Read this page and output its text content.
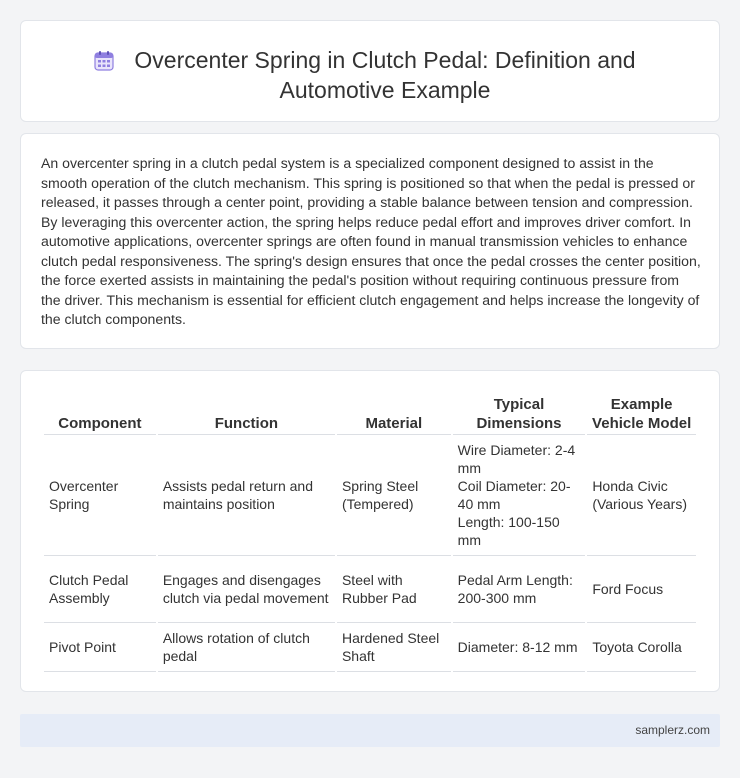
Overcenter Spring in Clutch Pedal: Definition and Automotive Example

An overcenter spring in a clutch pedal system is a specialized component designed to assist in the smooth operation of the clutch mechanism. This spring is positioned so that when the pedal is pressed or released, it passes through a center point, providing a stable balance between tension and compression. By leveraging this overcenter action, the spring helps reduce pedal effort and improves driver comfort. In automotive applications, overcenter springs are often found in manual transmission vehicles to enhance clutch pedal responsiveness. The spring's design ensures that once the pedal crosses the center position, the force exerted assists in maintaining the pedal's position without requiring continuous pressure from the driver. This mechanism is essential for efficient clutch engagement and helps increase the longevity of the clutch components.

Component	Function	Material	Typical Dimensions	Example Vehicle Model
Overcenter Spring	Assists pedal return and maintains position	Spring Steel (Tempered)	Wire Diameter: 2-4 mm
Coil Diameter: 20-40 mm
Length: 100-150 mm	Honda Civic (Various Years)
Clutch Pedal Assembly	Engages and disengages clutch via pedal movement	Steel with Rubber Pad	Pedal Arm Length: 200-300 mm	Ford Focus
Pivot Point	Allows rotation of clutch pedal	Hardened Steel Shaft	Diameter: 8-12 mm	Toyota Corolla
samplerz.com
